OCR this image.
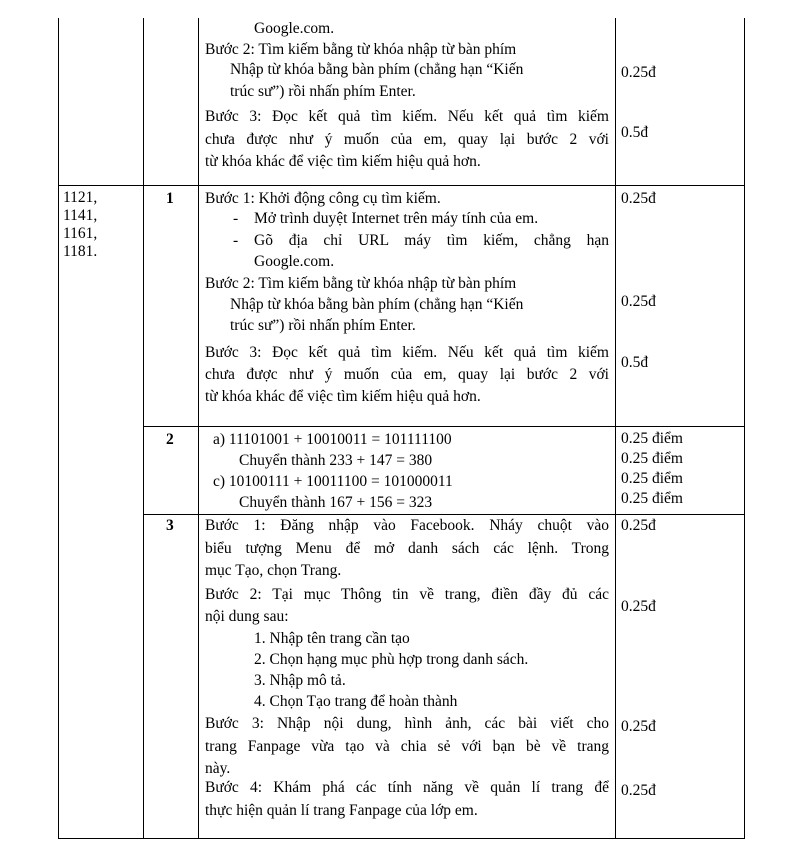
Google.com.
Bước 2: Tìm kiếm bằng từ khóa nhập từ bàn phím
Nhập từ khóa bằng bàn phím (chẳng hạn “Kiến
trúc sư”) rồi nhấn phím Enter.
Bước 3: Đọc kết quả tìm kiếm. Nếu kết quả tìm kiếm
chưa được như ý muốn của em, quay lại bước 2 với
từ khóa khác để việc tìm kiếm hiệu quả hơn.
0.25đ
0.5đ
1121,
1141,
1161,
1181.
1 Bước 1: Khởi động công cụ tìm kiếm.
- Mở trình duyệt Internet trên máy tính của em.
- Gõ địa chỉ URL máy tìm kiếm, chẳng hạn
Google.com.
Bước 2: Tìm kiếm bằng từ khóa nhập từ bàn phím
Nhập từ khóa bằng bàn phím (chẳng hạn “Kiến
trúc sư”) rồi nhấn phím Enter.
Bước 3: Đọc kết quả tìm kiếm. Nếu kết quả tìm kiếm
chưa được như ý muốn của em, quay lại bước 2 với
từ khóa khác để việc tìm kiếm hiệu quả hơn.
0.25đ
0.25đ
0.5đ
2	a) 11101001 + 10010011 = 101111100
Chuyển thành 233 + 147 = 380
c) 10100111 + 10011100 = 101000011
Chuyển thành 167 + 156 = 323
0.25 điểm
0.25 điểm
0.25 điểm
0.25 điểm
3 Bước 1: Đăng nhập vào Facebook. Nháy chuột vào
biểu tượng Menu để mở danh sách các lệnh. Trong
mục Tạo, chọn Trang.
Bước 2: Tại mục Thông tin về trang, điền đầy đủ các
nội dung sau:
1. Nhập tên trang cần tạo
2. Chọn hạng mục phù hợp trong danh sách.
3. Nhập mô tả.
4. Chọn Tạo trang để hoàn thành
Bước 3: Nhập nội dung, hình ảnh, các bài viết cho
trang Fanpage vừa tạo và chia sẻ với bạn bè về trang
này.
Bước 4: Khám phá các tính năng về quản lí trang để
thực hiện quản lí trang Fanpage của lớp em.
0.25đ
0.25đ
0.25đ
0.25đ
